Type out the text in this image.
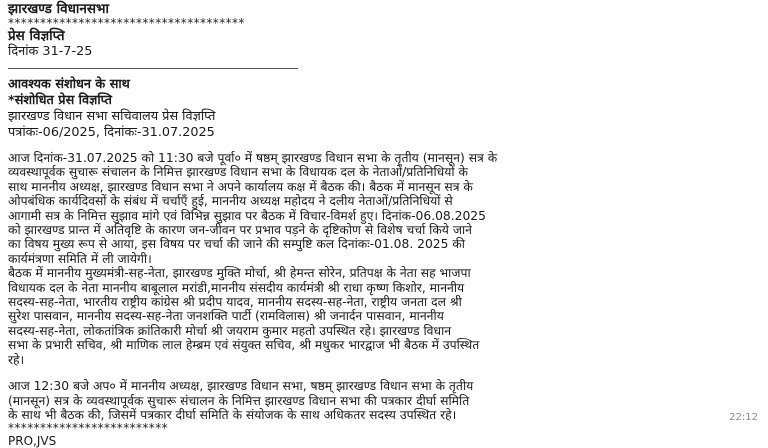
झारखण्ड विधानसभा
*************************************
प्रेस विज्ञप्ति
दिनांक 31-7-25
आवश्यक संशोधन के साथ
*संशोधित प्रेस विज्ञप्ति
झारखण्ड विधान सभा सचिवालय प्रेस विज्ञप्ति
पत्रांकः-06/2025, दिनांकः-31.07.2025

आज दिनांक-31.07.2025 को 11:30 बजे पूर्वा० में षष्ठम् झारखण्ड विधान सभा के तृतीय (मानसून) सत्र के

व्यवस्थापूर्वक सुचारू संचालन के निमित्त झारखण्ड विधान सभा के विधायक दल के नेताओं/प्रतिनिधियों के

साथ माननीय अध्यक्ष, झारखण्ड विधान सभा ने अपने कार्यालय कक्ष में बैठक की। बैठक में मानसून सत्र के

ओपबंधिक कार्यदिवसों के संबंध में चर्चाएँ हुई, माननीय अध्यक्ष महोदय ने दलीय नेताओं/प्रतिनिधियों से

आगामी सत्र के निमित्त सुझाव मांगे एवं विभिन्न सुझाव पर बैठक में विचार-विमर्श हुए। दिनांक-06.08.2025

को झारखण्ड प्रान्त में अतिवृष्टि के कारण जन-जीवन पर प्रभाव पड़ने के दृष्टिकोण से विशेष चर्चा किये जाने

का विषय मुख्य रूप से आया, इस विषय पर चर्चा की जाने की सम्पुष्टि कल दिनांकः-01.08. 2025 की

कार्यमंत्रणा समिति में ली जायेगी।

बैठक में माननीय मुख्यमंत्री-सह-नेता, झारखण्ड मुक्ति मोर्चा, श्री हेमन्त सोरेन, प्रतिपक्ष के नेता सह भाजपा

विधायक दल के नेता माननीय बाबूलाल मरांडी,माननीय संसदीय कार्यमंत्री श्री राधा कृष्ण किशोर, माननीय

सदस्य-सह-नेता, भारतीय राष्ट्रीय कांग्रेस श्री प्रदीप यादव, माननीय सदस्य-सह-नेता, राष्ट्रीय जनता दल श्री

सुरेश पासवान, माननीय सदस्य-सह-नेता जनशक्ति पार्टी (रामविलास) श्री जनार्दन पासवान, माननीय

सदस्य-सह-नेता, लोकतांत्रिक क्रांतिकारी मोर्चा श्री जयराम कुमार महतो उपस्थित रहे। झारखण्ड विधान

सभा के प्रभारी सचिव, श्री माणिक लाल हेम्ब्रम एवं संयुक्त सचिव, श्री मधुकर भारद्वाज भी बैठक में उपस्थित

रहे।

आज 12:30 बजे अप० में माननीय अध्यक्ष, झारखण्ड विधान सभा, षष्ठम् झारखण्ड विधान सभा के तृतीय

(मानसून) सत्र के व्यवस्थापूर्वक सुचारू संचालन के निमित्त झारखण्ड विधान सभा की पत्रकार दीर्घा समिति

के साथ भी बैठक की, जिसमें पत्रकार दीर्घा समिति के संयोजक के साथ अधिकतर सदस्य उपस्थित रहे।

*************************
PRO,JVS
22:12
